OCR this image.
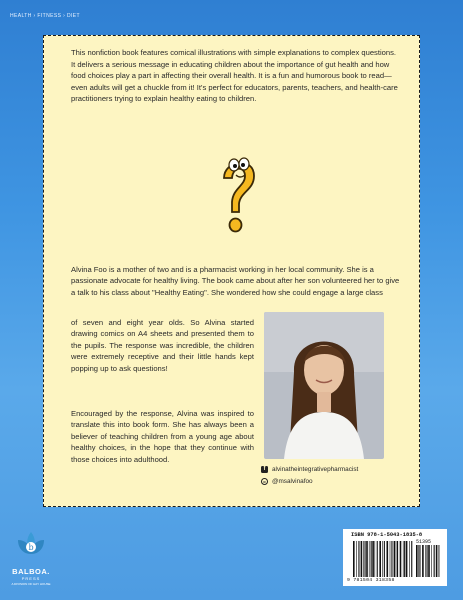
HEALTH › FITNESS › DIET

This nonfiction book features comical illustrations with simple explanations to complex questions. It delivers a serious message in educating children about the importance of gut health and how food choices play a part in affecting their overall health. It is a fun and humorous book to read—even adults will get a chuckle from it! It's perfect for educators, parents, teachers, and health-care practitioners trying to explain healthy eating to children.

Alvina Foo is a mother of two and is a pharmacist working in her local community. She is a passionate advocate for healthy living. The book came about after her son volunteered her to give a talk to his class about "Healthy Eating". She wondered how she could engage a large class

of seven and eight year olds. So Alvina started drawing comics on A4 sheets and presented them to the pupils. The response was incredible, the children were extremely receptive and their little hands kept popping up to ask questions!

Encouraged by the response, Alvina was inspired to translate this into book form. She has always been a believer of teaching children from a young age about healthy choices, in the hope that they continue with those choices into adulthood.

f	alvinatheintegrativepharmacist
o @msalvinafoo
b
BALBOA.
PRESS
A DIVISION OF HAY HOUSE
ISBN 978-1-5043-1835-8
51395
9 781504 318358
